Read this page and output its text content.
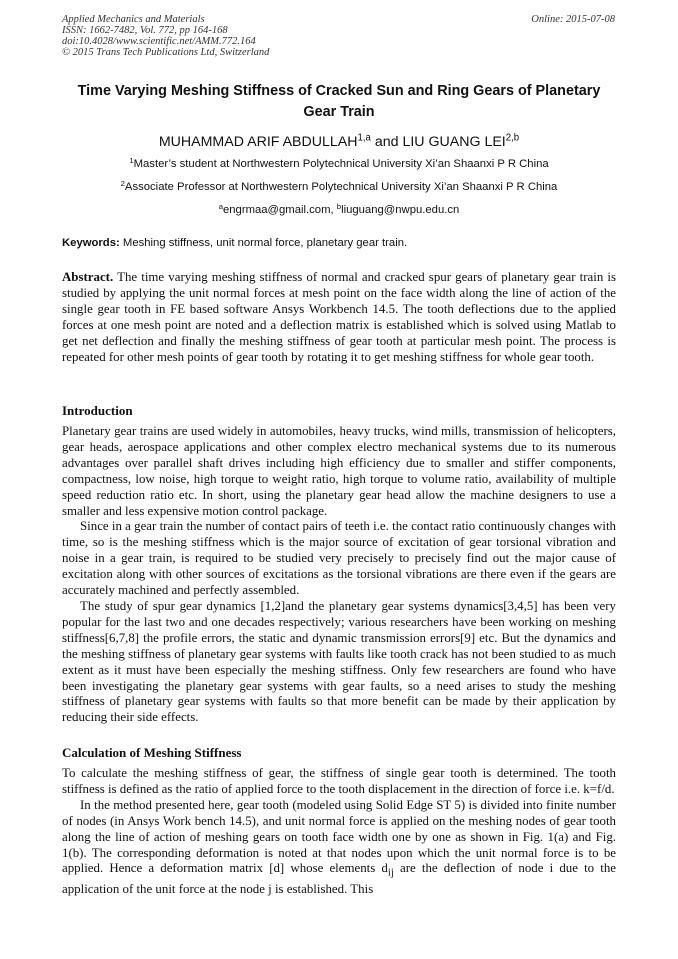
Applied Mechanics and Materials
ISSN: 1662-7482, Vol. 772, pp 164-168
doi:10.4028/www.scientific.net/AMM.772.164
© 2015 Trans Tech Publications Ltd, Switzerland
Online: 2015-07-08
Time Varying Meshing Stiffness of Cracked Sun and Ring Gears of Planetary Gear Train
MUHAMMAD ARIF ABDULLAH$^{1,a}$ and LIU GUANG LEI$^{2,b}$
$^1$Master’s student at Northwestern Polytechnical University Xi’an Shaanxi P R China
$^2$Associate Professor at Northwestern Polytechnical University Xi’an Shaanxi P R China
$^a$engrmaa@gmail.com, $^b$liuguang@nwpu.edu.cn
Keywords: Meshing stiffness, unit normal force, planetary gear train.
Abstract. The time varying meshing stiffness of normal and cracked spur gears of planetary gear train is studied by applying the unit normal forces at mesh point on the face width along the line of action of the single gear tooth in FE based software Ansys Workbench 14.5. The tooth deflections due to the applied forces at one mesh point are noted and a deflection matrix is established which is solved using Matlab to get net deflection and finally the meshing stiffness of gear tooth at particular mesh point. The process is repeated for other mesh points of gear tooth by rotating it to get meshing stiffness for whole gear tooth.
Introduction

Planetary gear trains are used widely in automobiles, heavy trucks, wind mills, transmission of helicopters, gear heads, aerospace applications and other complex electro mechanical systems due to its numerous advantages over parallel shaft drives including high efficiency due to smaller and stiffer components, compactness, low noise, high torque to weight ratio, high torque to volume ratio, availability of multiple speed reduction ratio etc. In short, using the planetary gear head allow the machine designers to use a smaller and less expensive motion control package.

Since in a gear train the number of contact pairs of teeth i.e. the contact ratio continuously changes with time, so is the meshing stiffness which is the major source of excitation of gear torsional vibration and noise in a gear train, is required to be studied very precisely to precisely find out the major cause of excitation along with other sources of excitations as the torsional vibrations are there even if the gears are accurately machined and perfectly assembled.

The study of spur gear dynamics [1,2]and the planetary gear systems dynamics[3,4,5] has been very popular for the last two and one decades respectively; various researchers have been working on meshing stiffness[6,7,8] the profile errors, the static and dynamic transmission errors[9] etc. But the dynamics and the meshing stiffness of planetary gear systems with faults like tooth crack has not been studied to as much extent as it must have been especially the meshing stiffness. Only few researchers are found who have been investigating the planetary gear systems with gear faults, so a need arises to study the meshing stiffness of planetary gear systems with faults so that more benefit can be made by their application by reducing their side effects.

Calculation of Meshing Stiffness

To calculate the meshing stiffness of gear, the stiffness of single gear tooth is determined. The tooth stiffness is defined as the ratio of applied force to the tooth displacement in the direction of force i.e. k=f/d.

In the method presented here, gear tooth (modeled using Solid Edge ST 5) is divided into finite number of nodes (in Ansys Work bench 14.5), and unit normal force is applied on the meshing nodes of gear tooth along the line of action of meshing gears on tooth face width one by one as shown in Fig. 1(a) and Fig. 1(b). The corresponding deformation is noted at that nodes upon which the unit normal force is to be applied. Hence a deformation matrix [d] whose elements $d_{ij}$ are the deflection of node i due to the application of the unit force at the node j is established. This
